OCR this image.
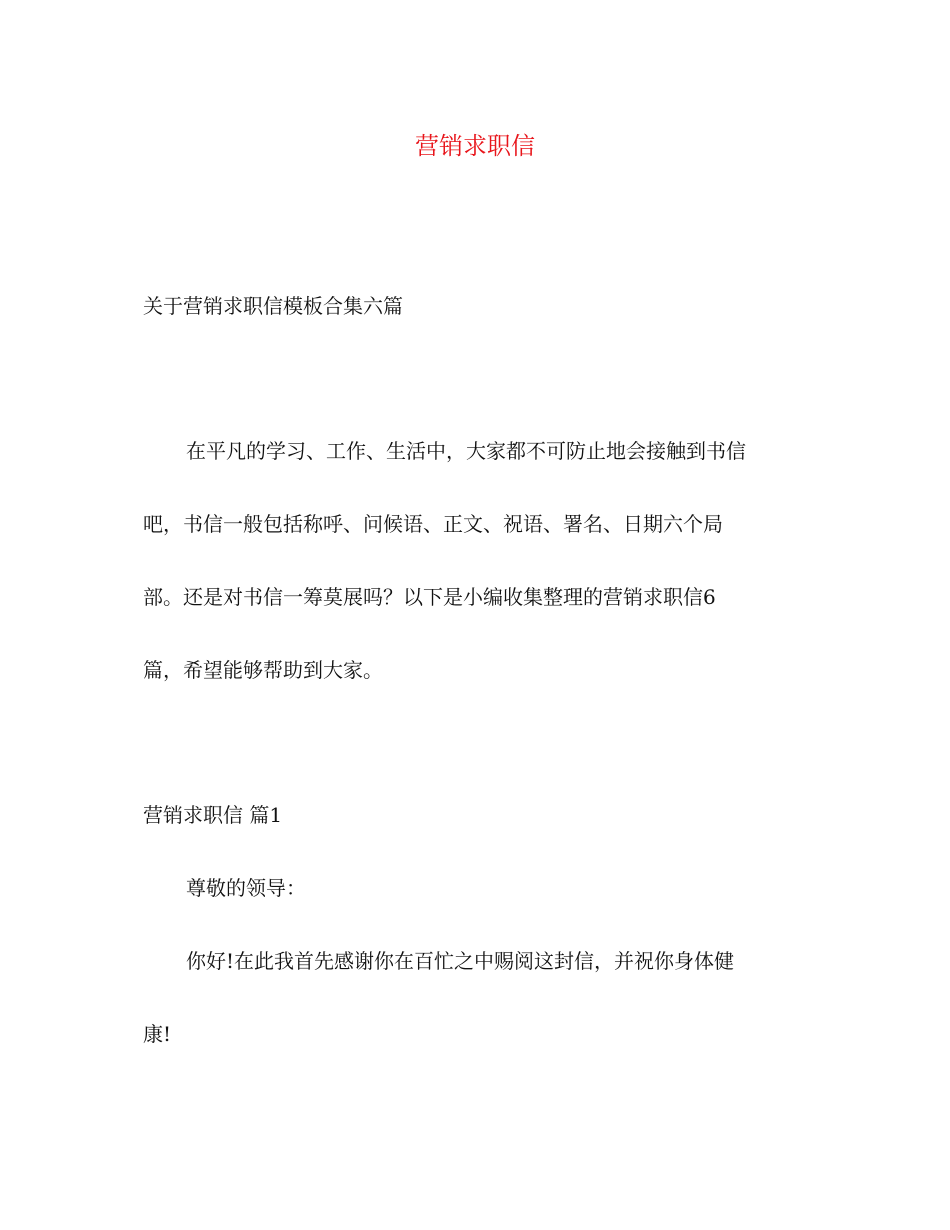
营销求职信
关于营销求职信模板合集六篇
在平凡的学习、工作、生活中，大家都不可防止地会接触到书信
吧，书信一般包括称呼、问候语、正文、祝语、署名、日期六个局
部。还是对书信一筹莫展吗？以下是小编收集整理的营销求职信6
篇，希望能够帮助到大家。
营销求职信 篇1
尊敬的领导：
你好!在此我首先感谢你在百忙之中赐阅这封信，并祝你身体健
康!
